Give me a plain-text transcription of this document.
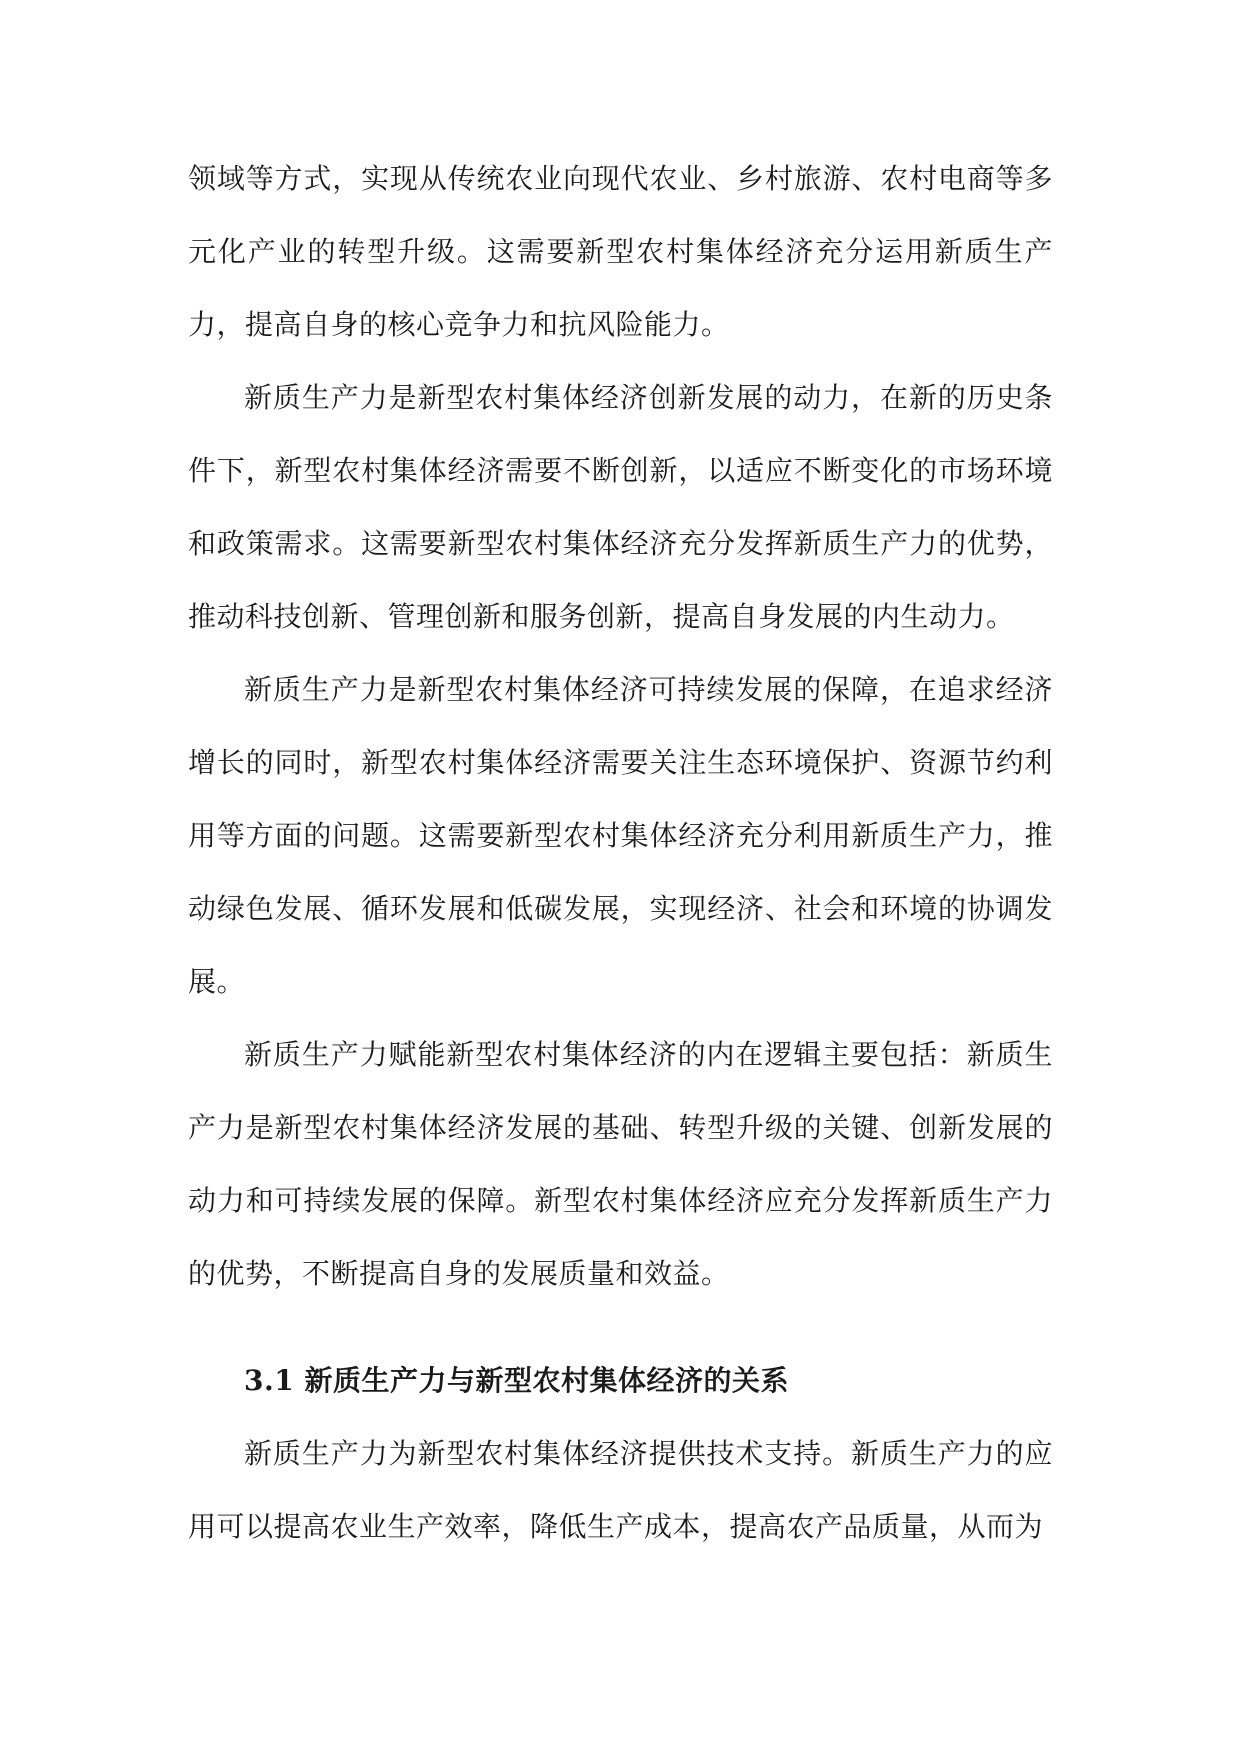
领域等方式，实现从传统农业向现代农业、乡村旅游、农村电商等多元化产业的转型升级。这需要新型农村集体经济充分运用新质生产力，提高自身的核心竞争力和抗风险能力。

新质生产力是新型农村集体经济创新发展的动力，在新的历史条件下，新型农村集体经济需要不断创新，以适应不断变化的市场环境和政策需求。这需要新型农村集体经济充分发挥新质生产力的优势，推动科技创新、管理创新和服务创新，提高自身发展的内生动力。

新质生产力是新型农村集体经济可持续发展的保障，在追求经济增长的同时，新型农村集体经济需要关注生态环境保护、资源节约利用等方面的问题。这需要新型农村集体经济充分利用新质生产力，推动绿色发展、循环发展和低碳发展，实现经济、社会和环境的协调发展。

新质生产力赋能新型农村集体经济的内在逻辑主要包括：新质生产力是新型农村集体经济发展的基础、转型升级的关键、创新发展的动力和可持续发展的保障。新型农村集体经济应充分发挥新质生产力的优势，不断提高自身的发展质量和效益。

3.1 新质生产力与新型农村集体经济的关系

新质生产力为新型农村集体经济提供技术支持。新质生产力的应用可以提高农业生产效率，降低生产成本，提高农产品质量，从而为
